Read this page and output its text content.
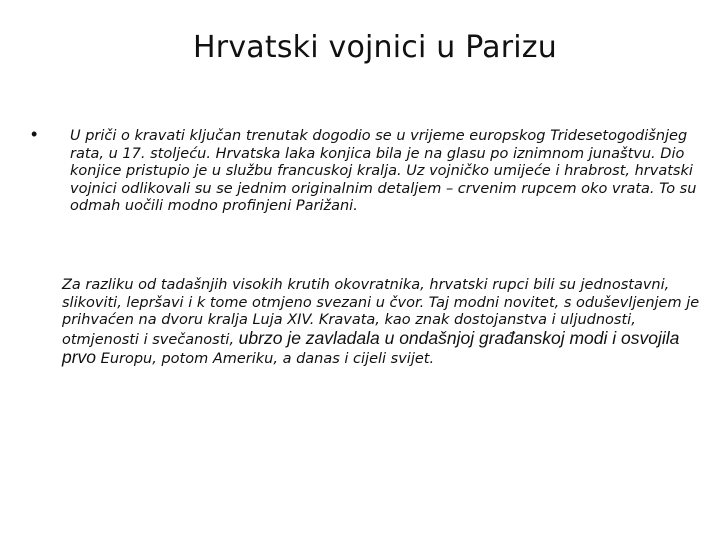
Hrvatski vojnici u Parizu
• U priči o kravati ključan trenutak dogodio se u vrijeme europskog Tridesetogodišnjeg rata, u 17. stoljeću. Hrvatska laka konjica bila je na glasu po iznimnom junaštvu. Dio konjice pristupio je u službu francuskoj kralja. Uz vojničko umijeće i hrabrost, hrvatski vojnici odlikovali su se jednim originalnim detaljem – crvenim rupcem oko vrata. To su odmah uočili modno profinjeni Parižani.

Za razliku od tadašnjih visokih krutih okovratnika, hrvatski rupci bili su jednostavni, slikoviti, lepršavi i k tome otmjeno svezani u čvor. Taj modni novitet, s oduševljenjem je prihvaćen na dvoru kralja Luja XIV. Kravata, kao znak dostojanstva i uljudnosti, otmjenosti i svečanosti, ubrzo je zavladala u ondašnjoj građanskoj modi i osvojila prvo Europu, potom Ameriku, a danas i cijeli svijet.
